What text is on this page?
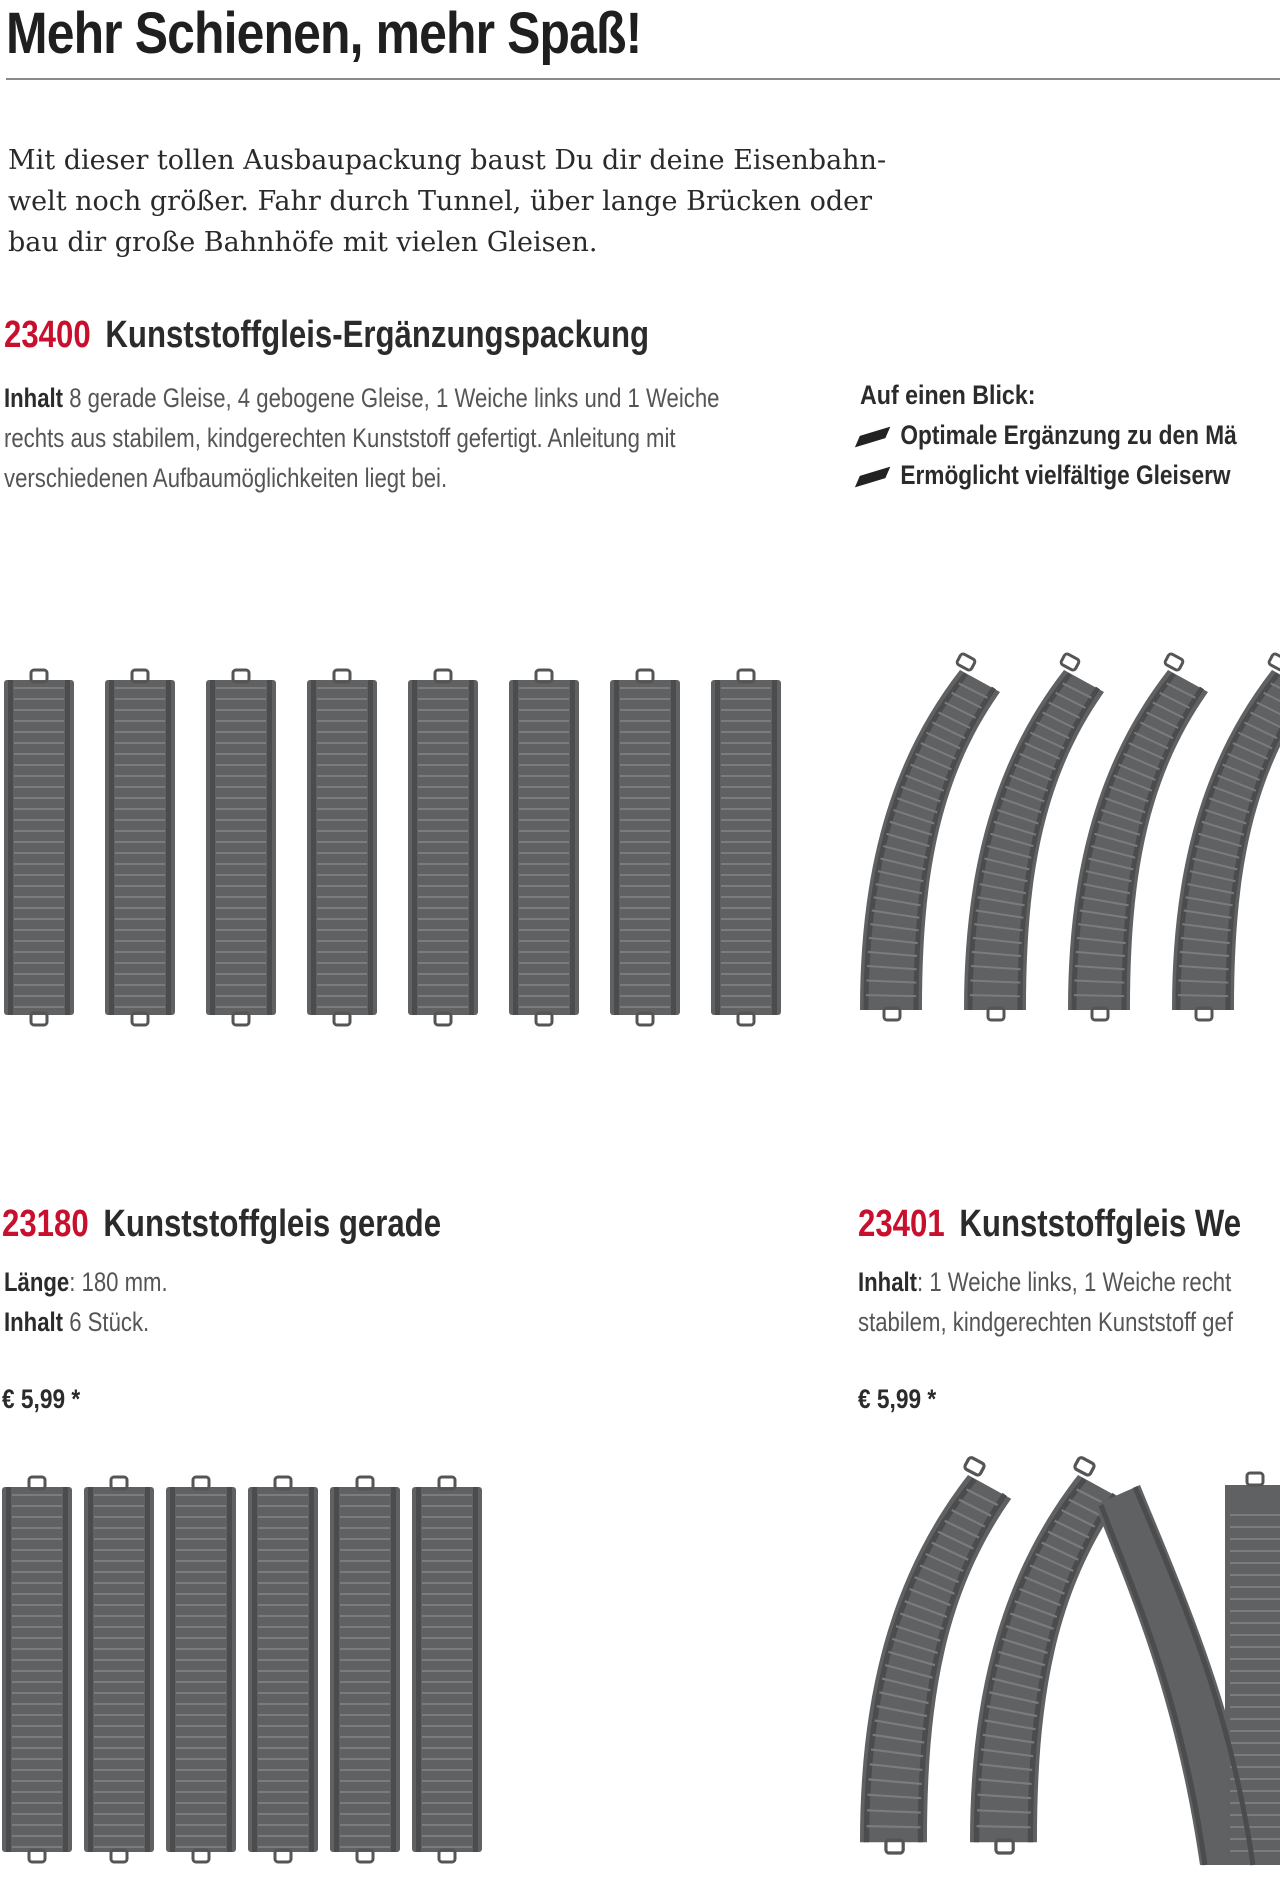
Mehr Schienen, mehr Spaß!
Mit dieser tollen Ausbaupackung baust Du dir deine Eisenbahn-
welt noch größer. Fahr durch Tunnel, über lange Brücken oder
bau dir große Bahnhöfe mit vielen Gleisen.
23400 Kunststoffgleis-Ergänzungspackung
Inhalt 8 gerade Gleise, 4 gebogene Gleise, 1 Weiche links und 1 Weiche
rechts aus stabilem, kindgerechten Kunststoff gefertigt. Anleitung mit
verschiedenen Aufbaumöglichkeiten liegt bei.
Auf einen Blick:
Optimale Ergänzung zu den Mä
Ermöglicht vielfältige Gleiserw
23180 Kunststoffgleis gerade
Länge: 180 mm.
Inhalt 6 Stück.
€ 5,99 *
23401 Kunststoffgleis We
Inhalt: 1 Weiche links, 1 Weiche recht
stabilem, kindgerechten Kunststoff gef
€ 5,99 *
